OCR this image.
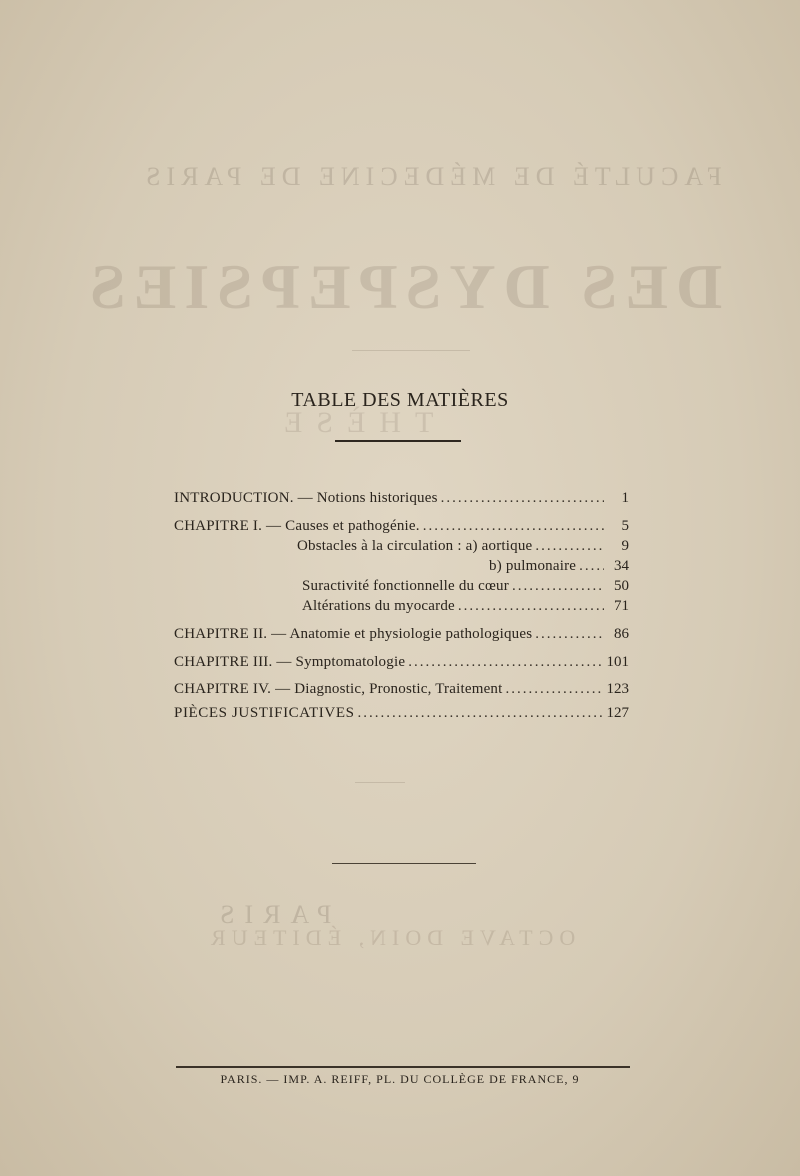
FACULTÉ DE MÉDECINE DE PARIS
DES DYSPEPSIES
THÈSE
PARIS
OCTAVE DOIN, ÉDITEUR
TABLE DES MATIÈRES
INTRODUCTION. — Notions historiques .....	1
CHAPITRE I. — Causes et pathogénie. .....	5
Obstacles à la circulation : a) aortique .....	9
b) pulmonaire .....	34
Suractivité fonctionnelle du cœur .....	50
Altérations du myocarde .....	71
CHAPITRE II. — Anatomie et physiologie pathologiques .....	86
CHAPITRE III. — Symptomatologie .....	101
CHAPITRE IV. — Diagnostic, Pronostic, Traitement .....	123
PIÈCES JUSTIFICATIVES .....	127
PARIS. — IMP. A. REIFF, PL. DU COLLÈGE DE FRANCE, 9
